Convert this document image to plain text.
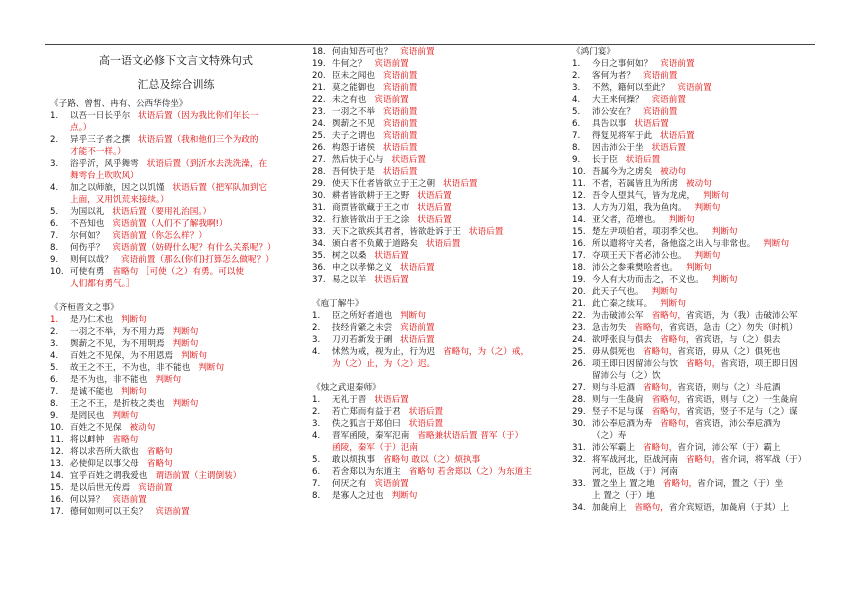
高一语文必修下文言文特殊句式
汇总及综合训练
《子路、曾皙、冉有、公西华侍坐》
1. 以吾一日长乎尔 状语后置（因为我比你们年长一
点。）
2. 异乎三子者之撰 状语后置（我和他们三个为政的
才能不一样。）
3. 浴乎沂，风乎舞雩 状语后置（到沂水去洗洗澡，在
舞雩台上吹吹风）
4. 加之以师旅，因之以饥馑 状语后置（把军队加到它
上面，又用饥荒来接续。）
5. 为国以礼 状语后置（要用礼治国。）
6. 不吾知也 宾语前置（人们不了解我啊!）
7. 尔何如？ 宾语前置（你怎么样？）
8. 何伤乎？ 宾语前置（妨碍什么呢？有什么关系呢？）
9. 则何以哉？ 宾语前置（那么(你们)打算怎么做呢？）
10. 可使有勇 省略句 ［可使（之）有勇。可以使
人们都有勇气。］
《齐桓晋文之事》
1. 是乃仁术也 判断句
2. 一羽之不举，为不用力焉 判断句
3. 舆薪之不见，为不用明焉 判断句
4. 百姓之不见保，为不用恩焉 判断句
5. 故王之不王，不为也，非不能也 判断句
6. 是不为也，非不能也 判断句
7. 是诚不能也 判断句
8. 王之不王，是折枝之类也 判断句
9. 是罔民也 判断句
10. 百姓之不见保 被动句
11. 将以衅钟 省略句
12. 将以求吾所大欲也 省略句
13. 必使仰足以事父母 省略句
14. 宜乎百姓之谓我爱也 谓语前置（主谓倒装）
15. 是以后世无传焉 宾语前置
16. 何以异？ 宾语前置
17. 德何如则可以王矣？ 宾语前置
18. 何由知吾可也？ 宾语前置
19. 牛何之？ 宾语前置
20. 臣未之闻也 宾语前置
21. 莫之能御也 宾语前置
22. 未之有也 宾语前置
23. 一羽之不举 宾语前置
24. 舆薪之不见 宾语前置
25. 夫子之谓也 宾语前置
26. 构怨于诸侯 状语后置
27. 然后快于心与 状语后置
28. 吾何快于是 状语后置
29. 使天下仕者皆欲立于王之朝 状语后置
30. 耕者皆欲耕于王之野 状语后置
31. 商贾皆欲藏于王之市 状语后置
32. 行旅皆欲出于王之涂 状语后置
33. 天下之欲疾其君者，皆欲赴诉于王 状语后置
34. 颁白者不负戴于道路矣 状语后置
35. 树之以桑 状语后置
36. 申之以孝悌之义 状语后置
37. 易之以羊 状语后置
《庖丁解牛》
1. 臣之所好者道也 判断句
2. 技经肯綮之未尝 宾语前置
3. 刀刃若新发于硎 状语后置
4. 怵然为戒，视为止，行为迟 省略句，为（之）戒，
为（之）止，为（之）迟。
《烛之武退秦师》
1. 无礼于晋 状语后置
2. 若亡郑而有益于君 状语后置
3. 佚之狐言于郑伯曰 状语后置
4. 晋军函陵，秦军氾南 省略兼状语后置 晋军（于）
函陵，秦军（于）氾南
5. 敢以烦执事 省略句 敢以（之）烦执事
6. 若舍郑以为东道主 省略句 若舍郑以（之）为东道主
7. 何厌之有 宾语前置
8. 是寡人之过也 判断句
《鸿门宴》
1. 今日之事何如？ 宾语前置
2. 客何为者？ 宾语前置
3. 不然，籍何以至此？ 宾语前置
4. 大王来何操？ 宾语前置
5. 沛公安在？ 宾语前置
6. 具告以事 状语后置
7. 得复见将军于此 状语后置
8. 因击沛公于坐 状语后置
9. 长于臣 状语后置
10. 吾属今为之虏矣 被动句
11. 不者，若属皆且为所虏 被动句
12. 吾令人望其气，皆为龙虎， 判断句
13. 人方为刀俎，我为鱼肉。 判断句
14. 亚父者，范增也。 判断句
15. 楚左尹项伯者，项羽季父也。 判断句
16. 所以遣将守关者，备他盗之出入与非常也。 判断句
17. 夺项王天下者必沛公也。 判断句
18. 沛公之参乘樊哙者也。 判断句
19. 今人有大功而击之，不义也。 判断句
20. 此天子气也。 判断句
21. 此亡秦之续耳。 判断句
22. 为击破沛公军 省略句，省宾语，为（我）击破沛公军
23. 急击勿失 省略句，省宾语，急击（之）勿失（时机）
24. 欲呼张良与俱去 省略句，省宾语，与（之）俱去
25. 毋从俱死也 省略句，省宾语，毋从（之）俱死也
26. 项王即日因留沛公与饮 省略句，省宾语，项王即日因
留沛公与（之）饮
27. 则与斗卮酒 省略句，省宾语，则与（之）斗卮酒
28. 则与一生彘肩 省略句，省宾语，则与（之）一生彘肩
29. 竖子不足与谋 省略句，省宾语，竖子不足与（之）谋
30. 沛公奉卮酒为寿 省略句，省宾语，沛公奉卮酒为
（之）寿
31. 沛公军霸上 省略句，省介词，沛公军（于）霸上
32. 将军战河北，臣战河南 省略句，省介词，将军战（于）
河北，臣战（于）河南
33. 置之坐上 置之地 省略句，省介词，置之（于）坐
上 置之（于）地
34. 加彘肩上 省略句，省介宾短语，加彘肩（于其）上
